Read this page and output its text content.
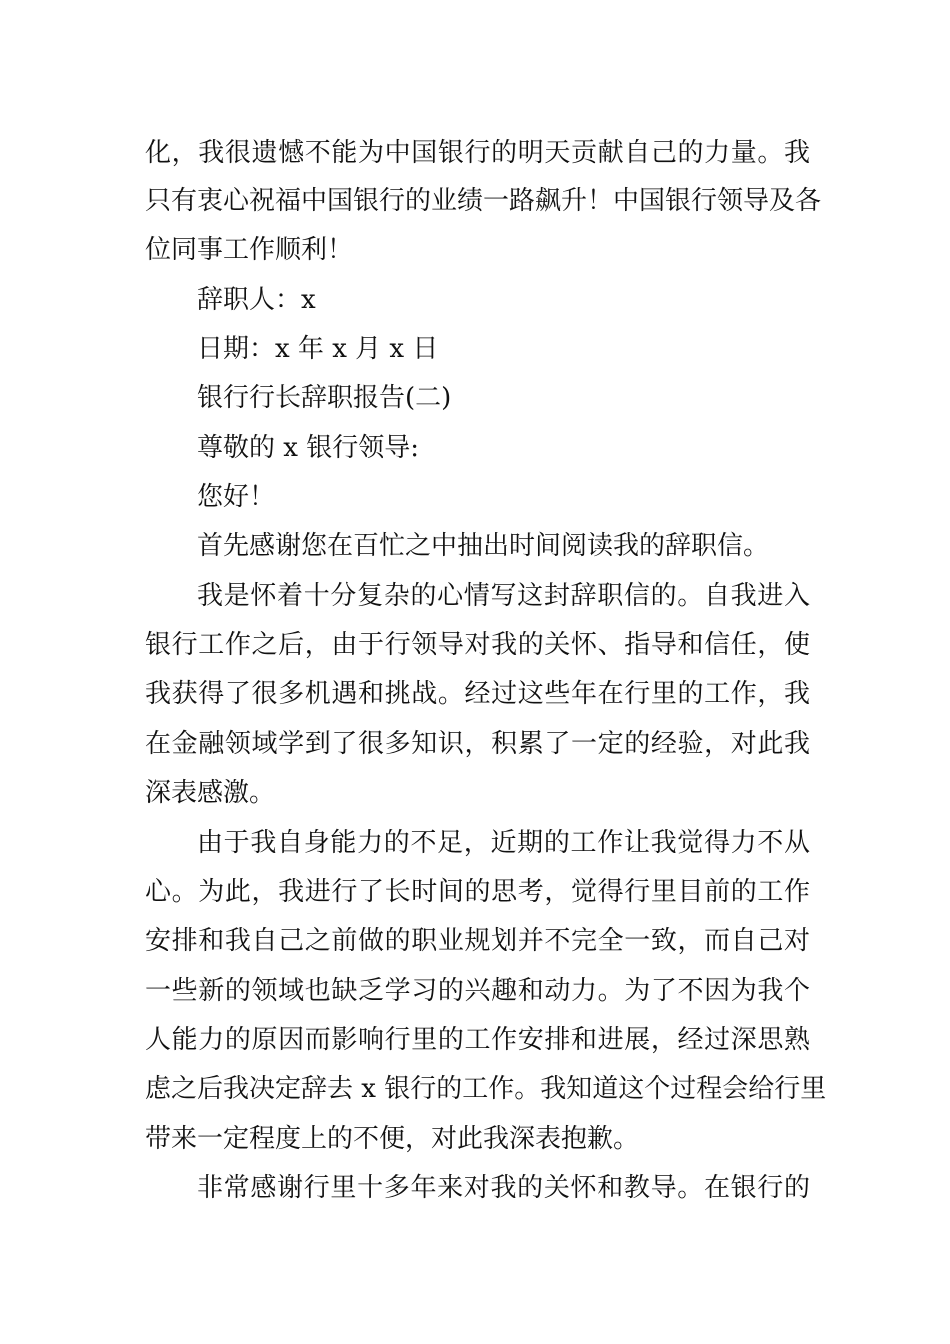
化，我很遗憾不能为中国银行的明天贡献自己的力量。我
只有衷心祝福中国银行的业绩一路飙升！中国银行领导及各
位同事工作顺利！
辞职人：x
日期：x 年 x 月 x 日
银行行长辞职报告(二)
尊敬的 x 银行领导:
您好！
首先感谢您在百忙之中抽出时间阅读我的辞职信。
我是怀着十分复杂的心情写这封辞职信的。自我进入
银行工作之后，由于行领导对我的关怀、指导和信任，使
我获得了很多机遇和挑战。经过这些年在行里的工作，我
在金融领域学到了很多知识，积累了一定的经验，对此我
深表感激。
由于我自身能力的不足，近期的工作让我觉得力不从
心。为此，我进行了长时间的思考，觉得行里目前的工作
安排和我自己之前做的职业规划并不完全一致，而自己对
一些新的领域也缺乏学习的兴趣和动力。为了不因为我个
人能力的原因而影响行里的工作安排和进展，经过深思熟
虑之后我决定辞去 x 银行的工作。我知道这个过程会给行里
带来一定程度上的不便，对此我深表抱歉。
非常感谢行里十多年来对我的关怀和教导。在银行的
